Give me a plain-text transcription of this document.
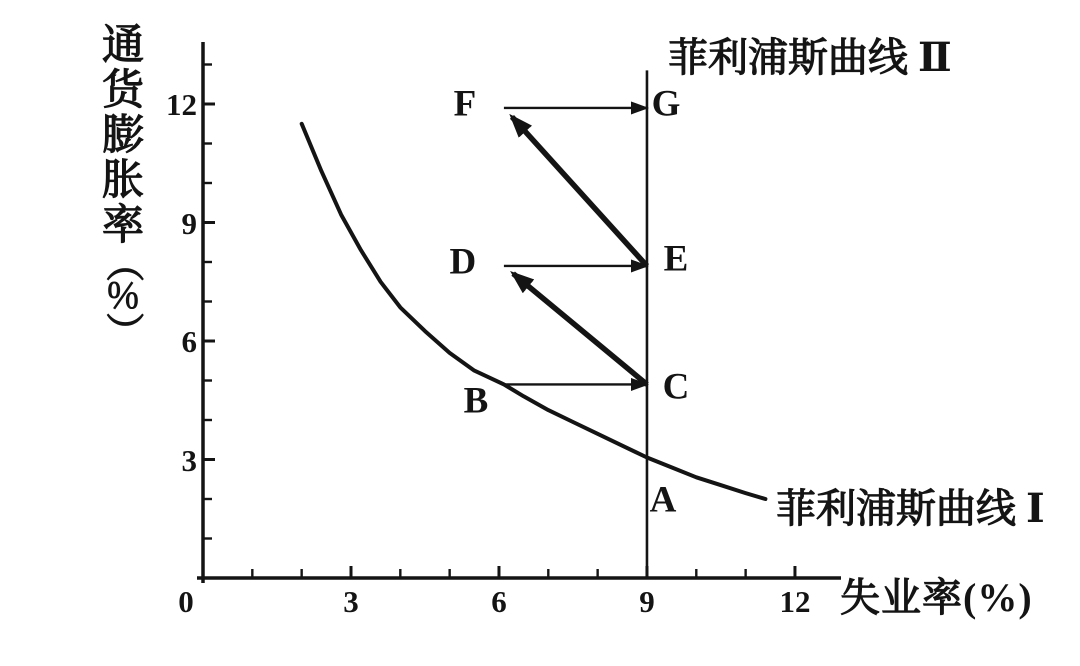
通
货
膨
胀
率
（
％
）
失业率(%)
菲利浦斯曲线 Ⅱ
菲利浦斯曲线 Ⅰ
0	3	6	9	12
3
6
9
12
A
B	C
D	E
F	G
